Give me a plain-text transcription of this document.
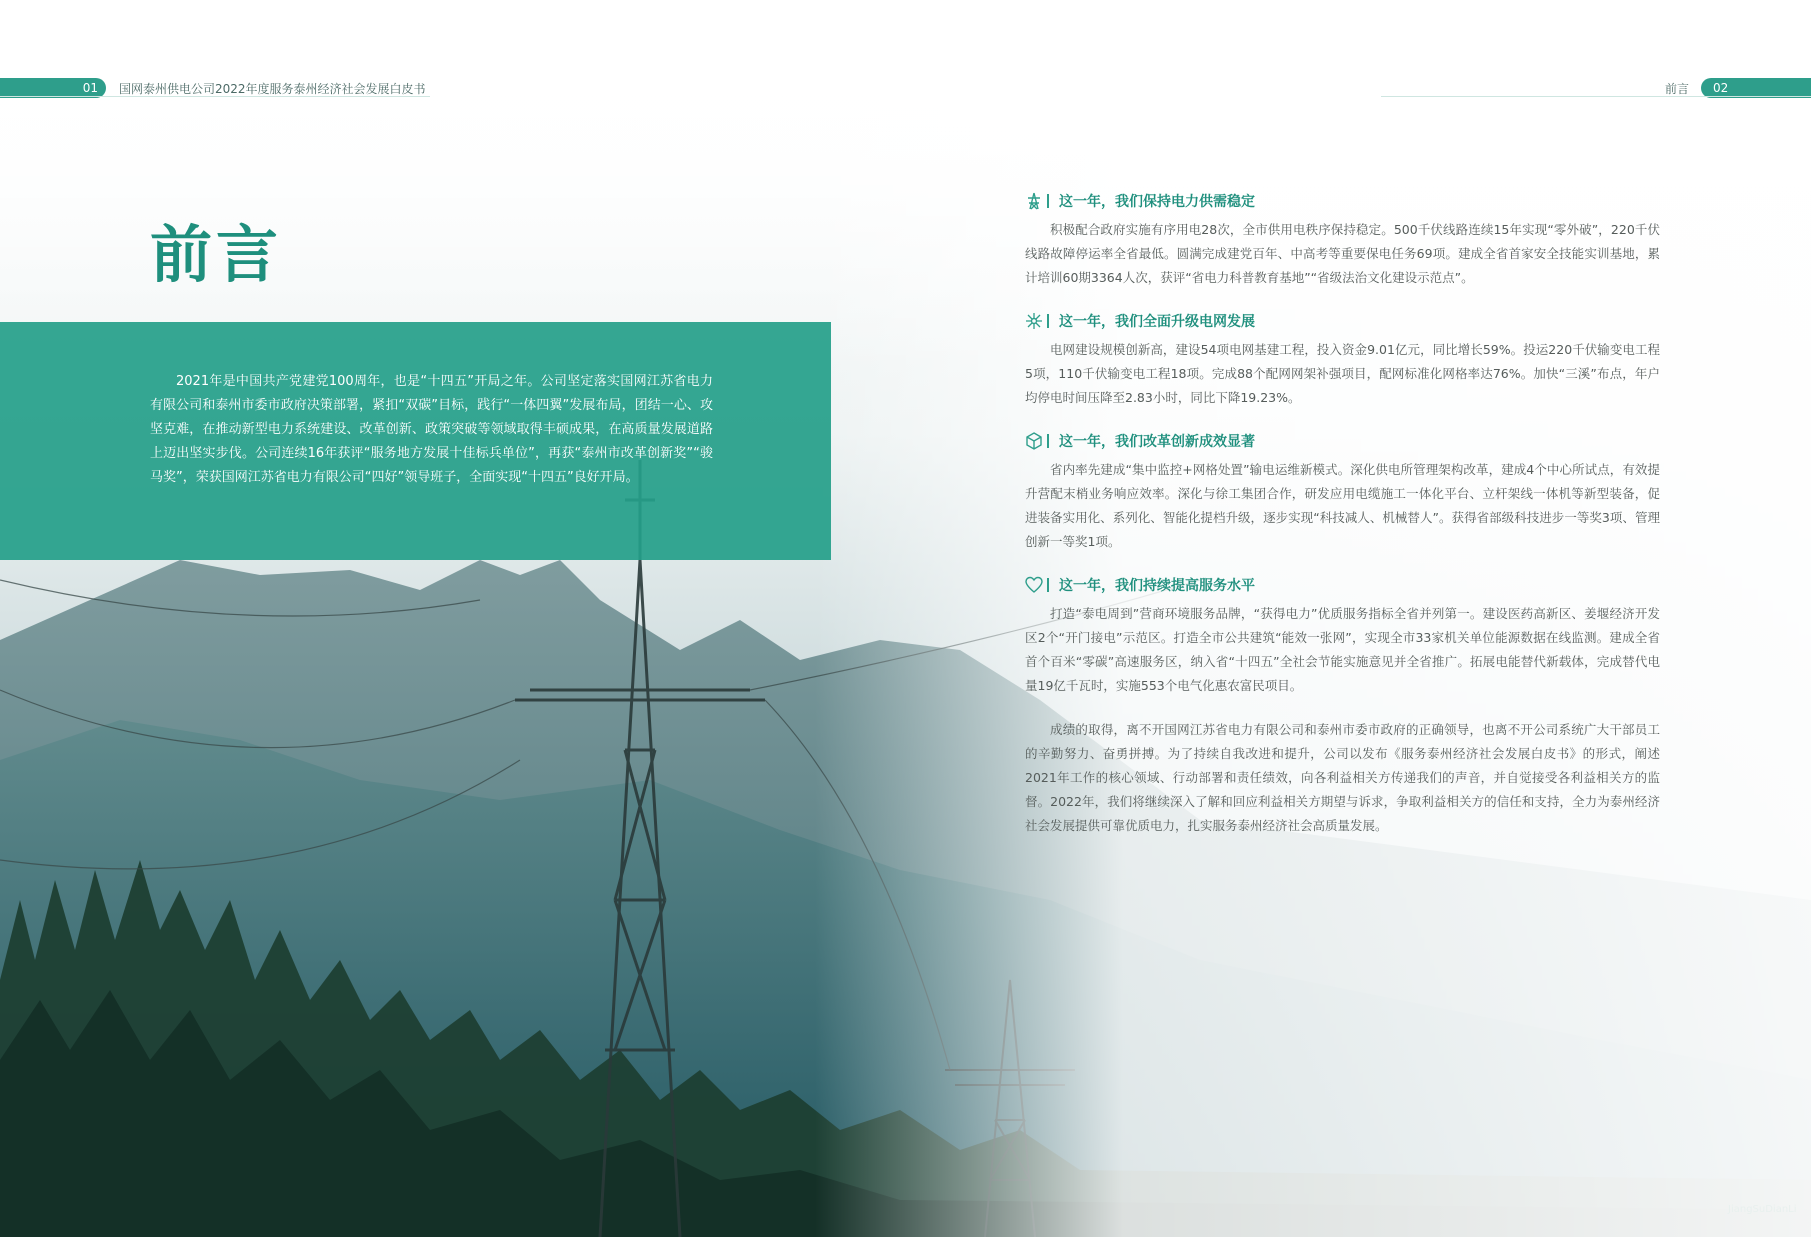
01	国网泰州供电公司2022年度服务泰州经济社会发展白皮书	前言	02
前言

2021年是中国共产党建党100周年，也是“十四五”开局之年。公司坚定落实国网江苏省电力有限公司和泰州市委市政府决策部署，紧扣“双碳”目标，践行“一体四翼”发展布局，团结一心、攻坚克难，在推动新型电力系统建设、改革创新、政策突破等领域取得丰硕成果，在高质量发展道路上迈出坚实步伐。公司连续16年获评“服务地方发展十佳标兵单位”，再获“泰州市改革创新奖”“骏马奖”，荣获国网江苏省电力有限公司“四好”领导班子，全面实现“十四五”良好开局。

这一年，我们保持电力供需稳定

积极配合政府实施有序用电28次，全市供用电秩序保持稳定。500千伏线路连续15年实现“零外破”，220千伏线路故障停运率全省最低。圆满完成建党百年、中高考等重要保电任务69项。建成全省首家安全技能实训基地，累计培训60期3364人次，获评“省电力科普教育基地”“省级法治文化建设示范点”。

这一年，我们全面升级电网发展

电网建设规模创新高，建设54项电网基建工程，投入资金9.01亿元，同比增长59%。投运220千伏输变电工程5项，110千伏输变电工程18项。完成88个配网网架补强项目，配网标准化网格率达76%。加快“三溪”布点，年户均停电时间压降至2.83小时，同比下降19.23%。

这一年，我们改革创新成效显著

省内率先建成“集中监控+网格处置”输电运维新模式。深化供电所管理架构改革，建成4个中心所试点，有效提升营配末梢业务响应效率。深化与徐工集团合作，研发应用电缆施工一体化平台、立杆架线一体机等新型装备，促进装备实用化、系列化、智能化提档升级，逐步实现“科技减人、机械替人”。获得省部级科技进步一等奖3项、管理创新一等奖1项。

这一年，我们持续提高服务水平

打造“泰电周到”营商环境服务品牌，“获得电力”优质服务指标全省并列第一。建设医药高新区、姜堰经济开发区2个“开门接电”示范区。打造全市公共建筑“能效一张网”，实现全市33家机关单位能源数据在线监测。建成全省首个百米“零碳”高速服务区，纳入省“十四五”全社会节能实施意见并全省推广。拓展电能替代新载体，完成替代电量19亿千瓦时，实施553个电气化惠农富民项目。

成绩的取得，离不开国网江苏省电力有限公司和泰州市委市政府的正确领导，也离不开公司系统广大干部员工的辛勤努力、奋勇拼搏。为了持续自我改进和提升，公司以发布《服务泰州经济社会发展白皮书》的形式，阐述 2021年工作的核心领域、行动部署和责任绩效，向各利益相关方传递我们的声音，并自觉接受各利益相关方的监督。2022年，我们将继续深入了解和回应利益相关方期望与诉求，争取利益相关方的信任和支持，全力为泰州经济社会发展提供可靠优质电力，扎实服务泰州经济社会高质量发展。

JiangSuDianLi
